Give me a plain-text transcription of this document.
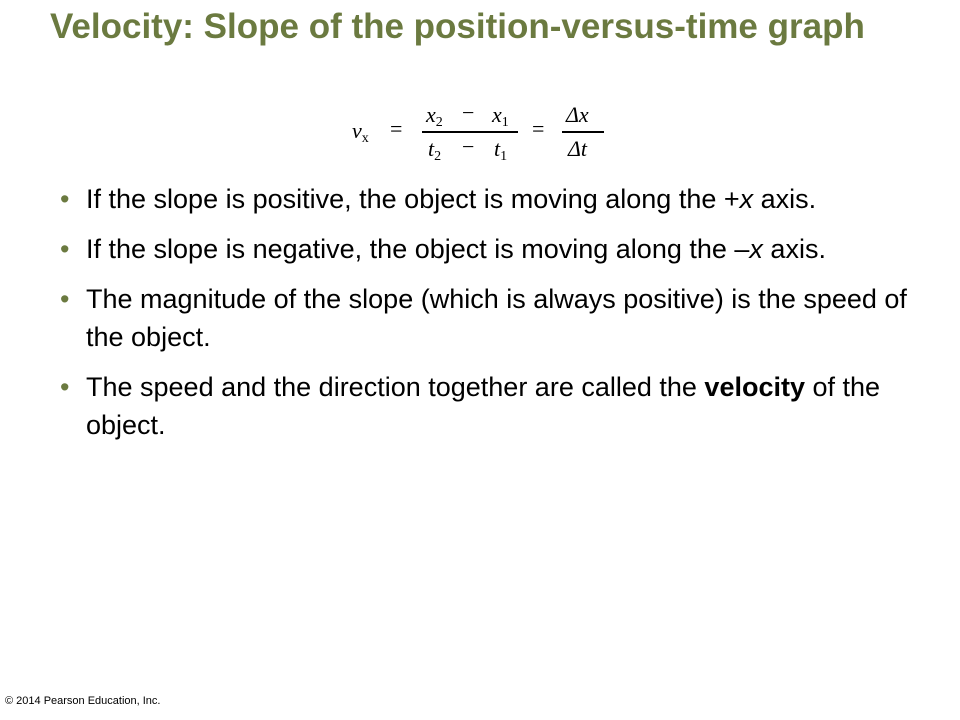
Velocity: Slope of the position-versus-time graph
$v_x$ =
$x_2 - x_1$
$t_2 - t_1$
=
Δx
Δt
• If the slope is positive, the object is moving along the +x axis.
• If the slope is negative, the object is moving along the –x axis.
• The magnitude of the slope (which is always positive) is the speed of the object.
• The speed and the direction together are called the velocity of the object.
© 2014 Pearson Education, Inc.
